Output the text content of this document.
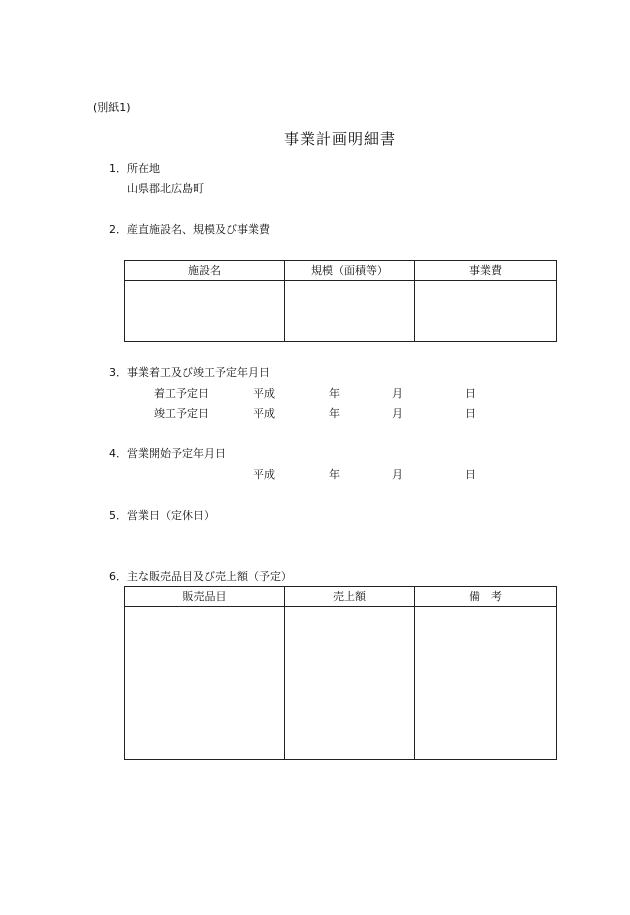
(別紙1)
事業計画明細書
1．所在地
山県郡北広島町
2．産直施設名、規模及び事業費
施設名	規模（面積等）	事業費

3．事業着工及び竣工予定年月日
着工予定日	平成	年	月	日
竣工予定日	平成	年	月	日
4．営業開始予定年月日
平成	年	月	日
5．営業日（定休日）
6．主な販売品目及び売上額（予定）
販売品目	売上額	備　考
